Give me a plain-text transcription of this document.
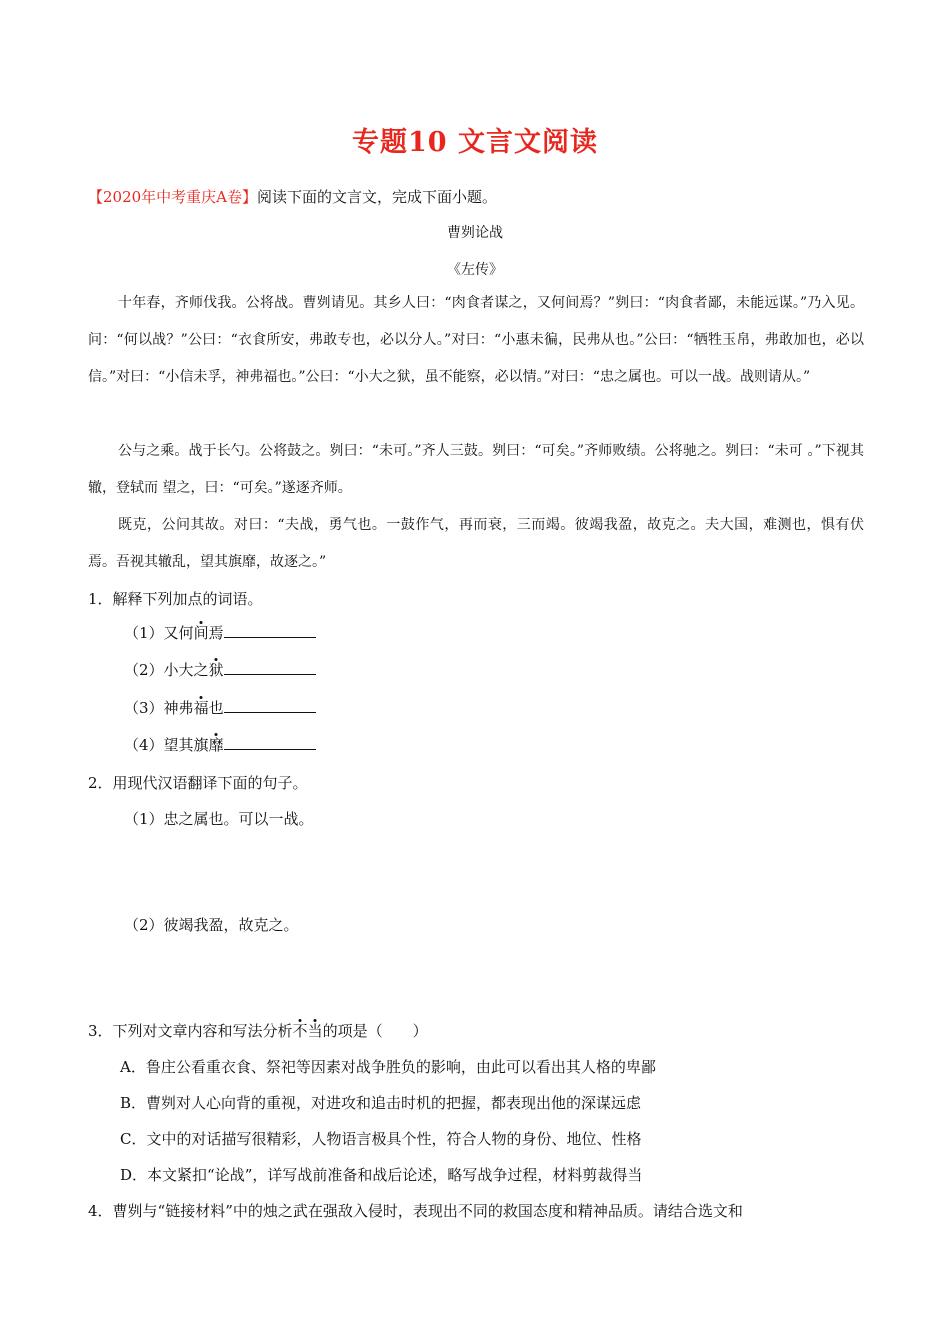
专题10 文言文阅读
【2020年中考重庆A卷】阅读下面的文言文，完成下面小题。
曹刿论战
《左传》

十年春，齐师伐我。公将战。曹刿请见。其乡人曰：“肉食者谋之，又何间焉？”刿曰：“肉食者鄙，未能远谋。”乃入见。问：“何以战？”公曰：“衣食所安，弗敢专也，必以分人。”对曰：“小惠未徧，民弗从也。”公曰：“牺牲玉帛，弗敢加也，必以信。”对曰：“小信未孚，神弗福也。”公曰：“小大之狱，虽不能察，必以情。”对曰：“忠之属也。可以一战。战则请从。”

公与之乘。战于长勺。公将鼓之。刿曰：“未可。”齐人三鼓。刿曰：“可矣。”齐师败绩。公将驰之。刿曰：“未可 。”下视其辙，登轼而 望之，曰：“可矣。”遂逐齐师。

既克，公问其故。对曰：“夫战，勇气也。一鼓作气，再而衰，三而竭。彼竭我盈，故克之。夫大国，难测也，惧有伏焉。吾视其辙乱，望其旗靡，故逐之。”

1．解释下列加点的词语。
（1）又何间焉
（2）小大之狱
（3）神弗福也
（4）望其旗靡
2．用现代汉语翻译下面的句子。
（1）忠之属也。可以一战。
（2）彼竭我盈，故克之。
3．下列对文章内容和写法分析不当的项是（　　）
A．鲁庄公看重衣食、祭祀等因素对战争胜负的影响，由此可以看出其人格的卑鄙
B．曹刿对人心向背的重视，对进攻和追击时机的把握，都表现出他的深谋远虑
C．文中的对话描写很精彩，人物语言极具个性，符合人物的身份、地位、性格
D．本文紧扣“论战”，详写战前准备和战后论述，略写战争过程，材料剪裁得当
4．曹刿与“链接材料”中的烛之武在强敌入侵时，表现出不同的救国态度和精神品质。请结合选文和
